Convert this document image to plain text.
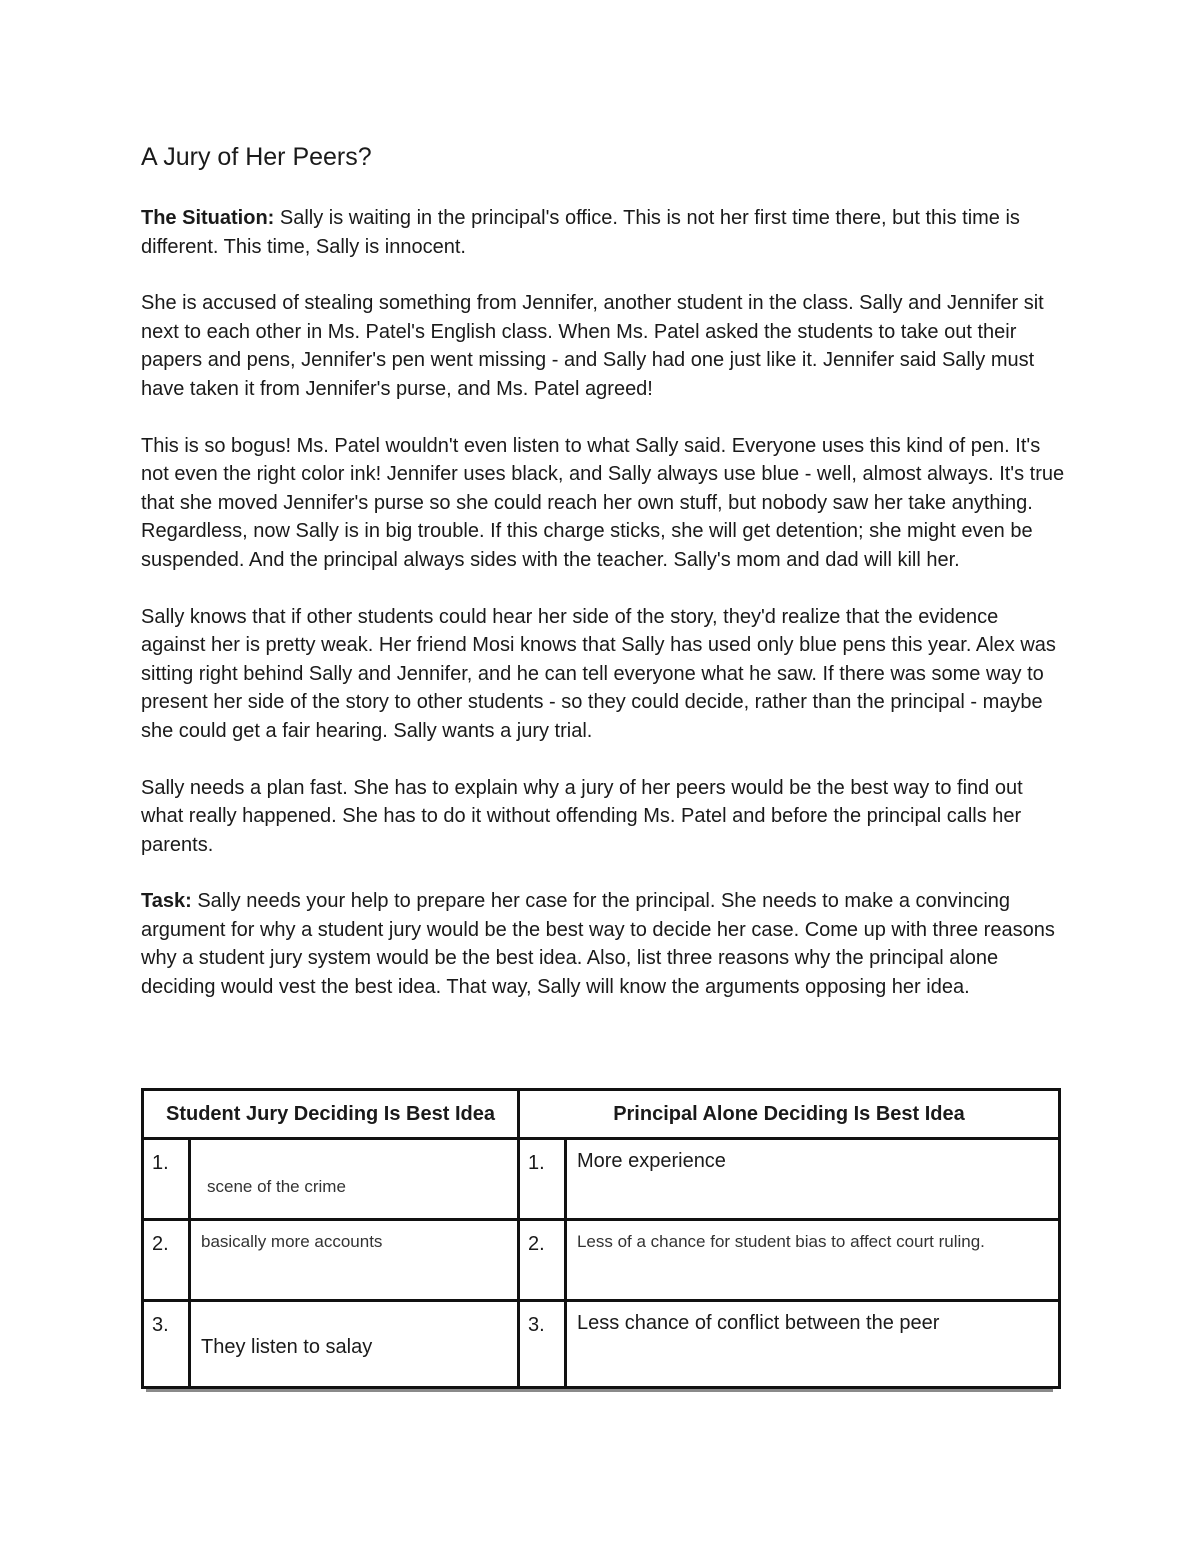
A Jury of Her Peers?

The Situation: Sally is waiting in the principal's office. This is not her first time there, but this time is different. This time, Sally is innocent.

She is accused of stealing something from Jennifer, another student in the class. Sally and Jennifer sit next to each other in Ms. Patel's English class. When Ms. Patel asked the students to take out their papers and pens, Jennifer's pen went missing - and Sally had one just like it. Jennifer said Sally must have taken it from Jennifer's purse, and Ms. Patel agreed!

This is so bogus! Ms. Patel wouldn't even listen to what Sally said. Everyone uses this kind of pen. It's not even the right color ink! Jennifer uses black, and Sally always use blue - well, almost always. It's true that she moved Jennifer's purse so she could reach her own stuff, but nobody saw her take anything. Regardless, now Sally is in big trouble. If this charge sticks, she will get detention; she might even be suspended. And the principal always sides with the teacher. Sally's mom and dad will kill her.

Sally knows that if other students could hear her side of the story, they'd realize that the evidence against her is pretty weak. Her friend Mosi knows that Sally has used only blue pens this year. Alex was sitting right behind Sally and Jennifer, and he can tell everyone what he saw. If there was some way to present her side of the story to other students - so they could decide, rather than the principal - maybe she could get a fair hearing. Sally wants a jury trial.

Sally needs a plan fast. She has to explain why a jury of her peers would be the best way to find out what really happened. She has to do it without offending Ms. Patel and before the principal calls her parents.

Task: Sally needs your help to prepare her case for the principal. She needs to make a convincing argument for why a student jury would be the best way to decide her case. Come up with three reasons why a student jury system would be the best idea. Also, list three reasons why the principal alone deciding would vest the best idea. That way, Sally will know the arguments opposing her idea.

Student Jury Deciding Is Best Idea		Principal Alone Deciding Is Best Idea	
1.	scene of the crime	1.	More experience

2.	basically more accounts	2.	Less of a chance for student bias to affect court ruling.

3.	They listen to salay	3.	Less chance of conflict between the peer
